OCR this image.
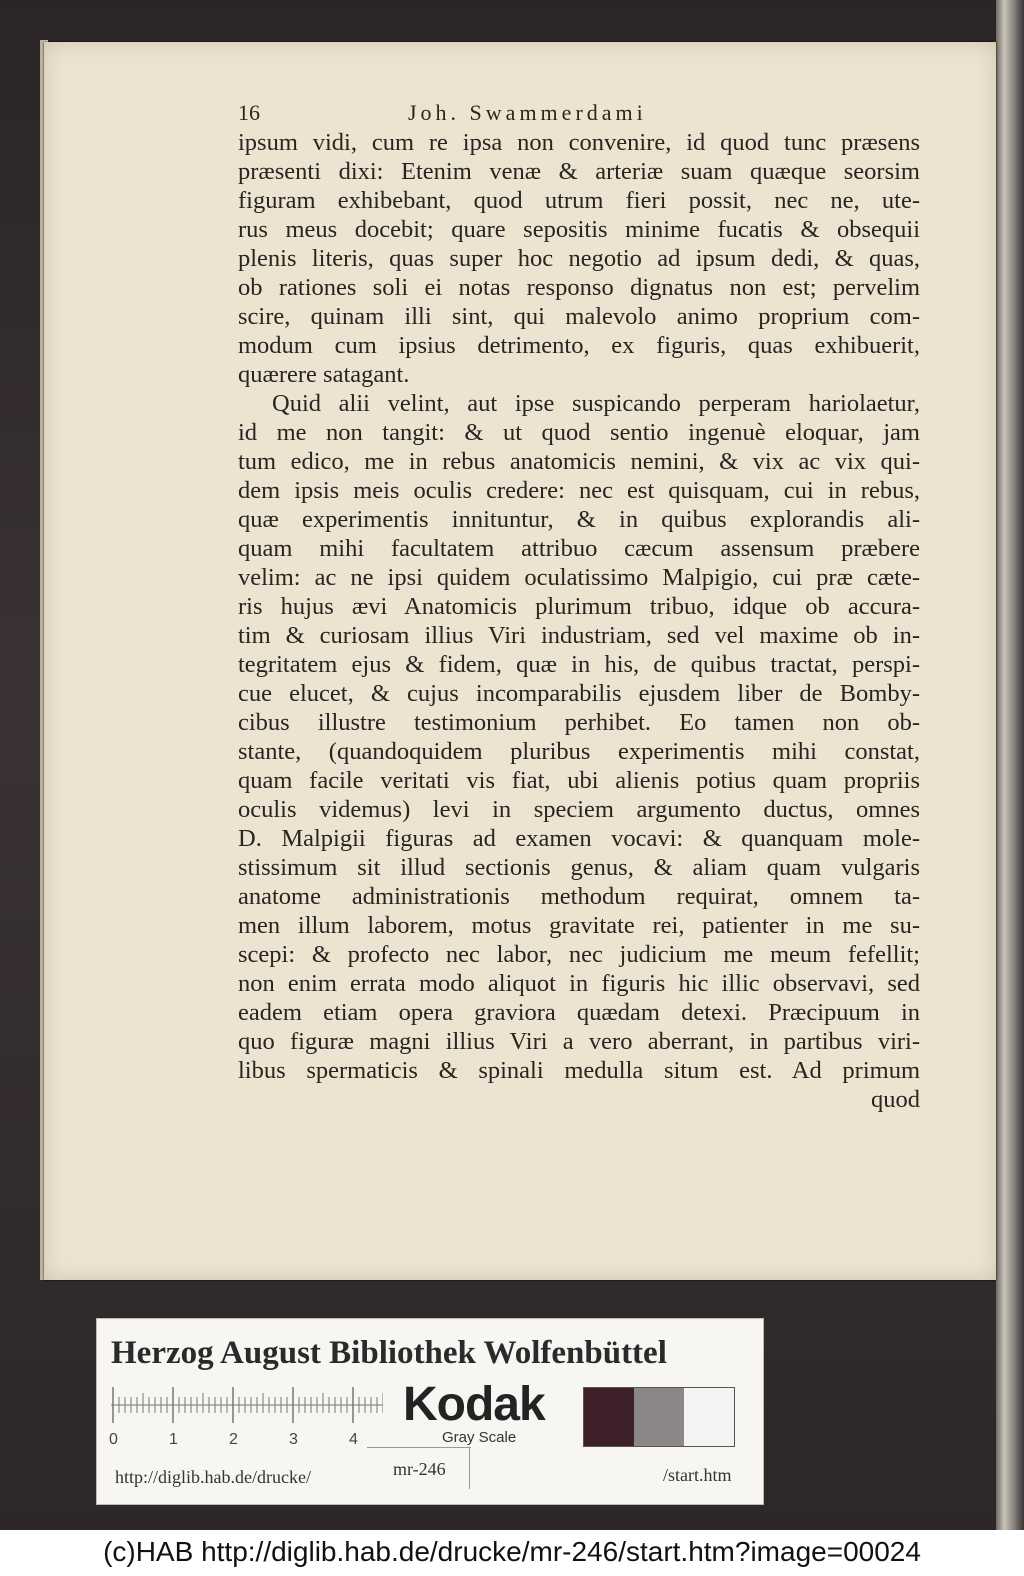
16	Joh. Swammerdami
ipsum vidi, cum re ipsa non convenire, id quod tunc præsens
præsenti dixi: Etenim venæ & arteriæ suam quæque seorsim
figuram exhibebant, quod utrum fieri possit, nec ne, ute-
rus meus docebit; quare sepositis minime fucatis & obsequii
plenis literis, quas super hoc negotio ad ipsum dedi, & quas,
ob rationes soli ei notas responso dignatus non est; pervelim
scire, quinam illi sint, qui malevolo animo proprium com-
modum cum ipsius detrimento, ex figuris, quas exhibuerit,
quærere satagant.
Quid alii velint, aut ipse suspicando perperam hariolaetur,
id me non tangit: & ut quod sentio ingenuè eloquar, jam
tum edico, me in rebus anatomicis nemini, & vix ac vix qui-
dem ipsis meis oculis credere: nec est quisquam, cui in rebus,
quæ experimentis innituntur, & in quibus explorandis ali-
quam mihi facultatem attribuo cæcum assensum præbere
velim: ac ne ipsi quidem oculatissimo Malpigio, cui præ cæte-
ris hujus ævi Anatomicis plurimum tribuo, idque ob accura-
tim & curiosam illius Viri industriam, sed vel maxime ob in-
tegritatem ejus & fidem, quæ in his, de quibus tractat, perspi-
cue elucet, & cujus incomparabilis ejusdem liber de Bomby-
cibus illustre testimonium perhibet. Eo tamen non ob-
stante, (quandoquidem pluribus experimentis mihi constat,
quam facile veritati vis fiat, ubi alienis potius quam propriis
oculis videmus) levi in speciem argumento ductus, omnes
D. Malpigii figuras ad examen vocavi: & quanquam mole-
stissimum sit illud sectionis genus, & aliam quam vulgaris
anatome administrationis methodum requirat, omnem ta-
men illum laborem, motus gravitate rei, patienter in me su-
scepi: & profecto nec labor, nec judicium me meum fefellit;
non enim errata modo aliquot in figuris hic illic observavi, sed
eadem etiam opera graviora quædam detexi. Præcipuum in
quo figuræ magni illius Viri a vero aberrant, in partibus viri-
libus spermaticis & spinali medulla situm est. Ad primum
quod
Herzog August Bibliothek Wolfenbüttel
0	1	2	3	4
Kodak
Gray Scale
http://diglib.hab.de/drucke/	mr-246	/start.htm
(c)HAB http://diglib.hab.de/drucke/mr-246/start.htm?image=00024
